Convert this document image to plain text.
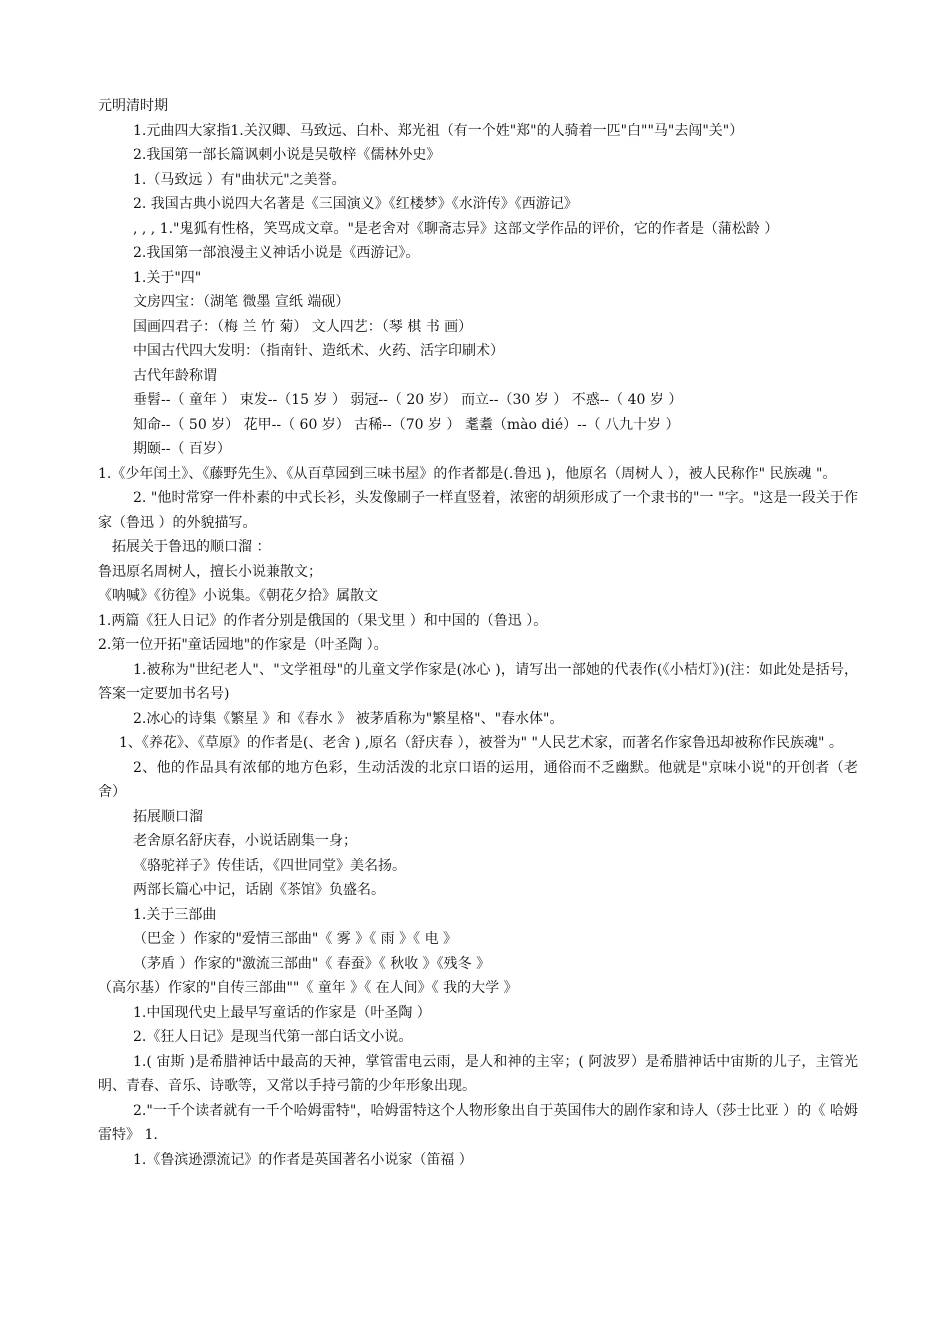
元明清时期
1.元曲四大家指1.关汉卿、马致远、白朴、郑光祖（有一个姓"郑"的人骑着一匹"白""马"去闯"关"）
2.我国第一部长篇讽刺小说是吴敬梓《儒林外史》
1.（马致远 ）有"曲状元"之美誉。
2. 我国古典小说四大名著是《三国演义》《红楼梦》《水浒传》《西游记》
, , , 1."鬼狐有性格，笑骂成文章。"是老舍对《聊斋志异》这部文学作品的评价，它的作者是（蒲松龄 ）
2.我国第一部浪漫主义神话小说是《西游记》。
1.关于"四"
文房四宝：（湖笔 微墨 宣纸 端砚）
国画四君子：（梅 兰 竹 菊） 文人四艺：（琴 棋 书 画）
中国古代四大发明：（指南针、造纸术、火药、活字印刷术）
古代年龄称谓
垂髫--（ 童年 ） 束发--（15 岁 ） 弱冠--（ 20 岁） 而立--（30 岁 ） 不惑--（ 40 岁 ）
知命--（ 50 岁） 花甲--（ 60 岁） 古稀--（70 岁 ） 耄耋（mào dié）--（ 八九十岁 ）
期颐--（ 百岁）
1.《少年闰土》、《藤野先生》、《从百草园到三味书屋》的作者都是(.鲁迅 )，他原名（周树人 ），被人民称作" 民族魂 "。
2. "他时常穿一件朴素的中式长衫，头发像刷子一样直竖着，浓密的胡须形成了一个隶书的"一 "字。"这是一段关于作家（鲁迅 ）的外貌描写。
拓展关于鲁迅的顺口溜 ：
鲁迅原名周树人，擅长小说兼散文；
《呐喊》《彷徨》小说集。《朝花夕拾》属散文
1.两篇《狂人日记》的作者分别是俄国的（果戈里 ）和中国的（鲁迅 ）。
2.第一位开拓"童话园地"的作家是（叶圣陶 ）。
1.被称为"世纪老人"、"文学祖母"的儿童文学作家是(冰心 )，请写出一部她的代表作(《小桔灯》)(注：如此处是括号，答案一定要加书名号)
2.冰心的诗集《繁星 》和《春水 》 被茅盾称为"繁星格"、"春水体"。
1、《养花》、《草原》的作者是(、老舍 ) ,原名（舒庆春 ），被誉为" "人民艺术家，而著名作家鲁迅却被称作民族魂" 。
2、他的作品具有浓郁的地方色彩，生动活泼的北京口语的运用，通俗而不乏幽默。他就是"京味小说"的开创者（老舍）
拓展顺口溜
老舍原名舒庆春，小说话剧集一身；
《骆驼祥子》传佳话，《四世同堂》美名扬。
两部长篇心中记，话剧《茶馆》负盛名。
1.关于三部曲
（巴金 ）作家的"爱情三部曲"《 雾 》《 雨 》《 电 》
（茅盾 ）作家的"激流三部曲"《 春蚕》《 秋收 》《残冬 》
（高尔基）作家的"自传三部曲""《 童年 》《 在人间》《 我的大学 》
1.中国现代史上最早写童话的作家是（叶圣陶 ）
2.《狂人日记》是现当代第一部白话文小说。
1.( 宙斯 )是希腊神话中最高的天神，掌管雷电云雨，是人和神的主宰；( 阿波罗）是希腊神话中宙斯的儿子，主管光明、青春、音乐、诗歌等，又常以手持弓箭的少年形象出现。
2."一千个读者就有一千个哈姆雷特"，哈姆雷特这个人物形象出自于英国伟大的剧作家和诗人（莎士比亚 ）的《 哈姆雷特》 1.
1.《鲁滨逊漂流记》的作者是英国著名小说家（笛福 ）
